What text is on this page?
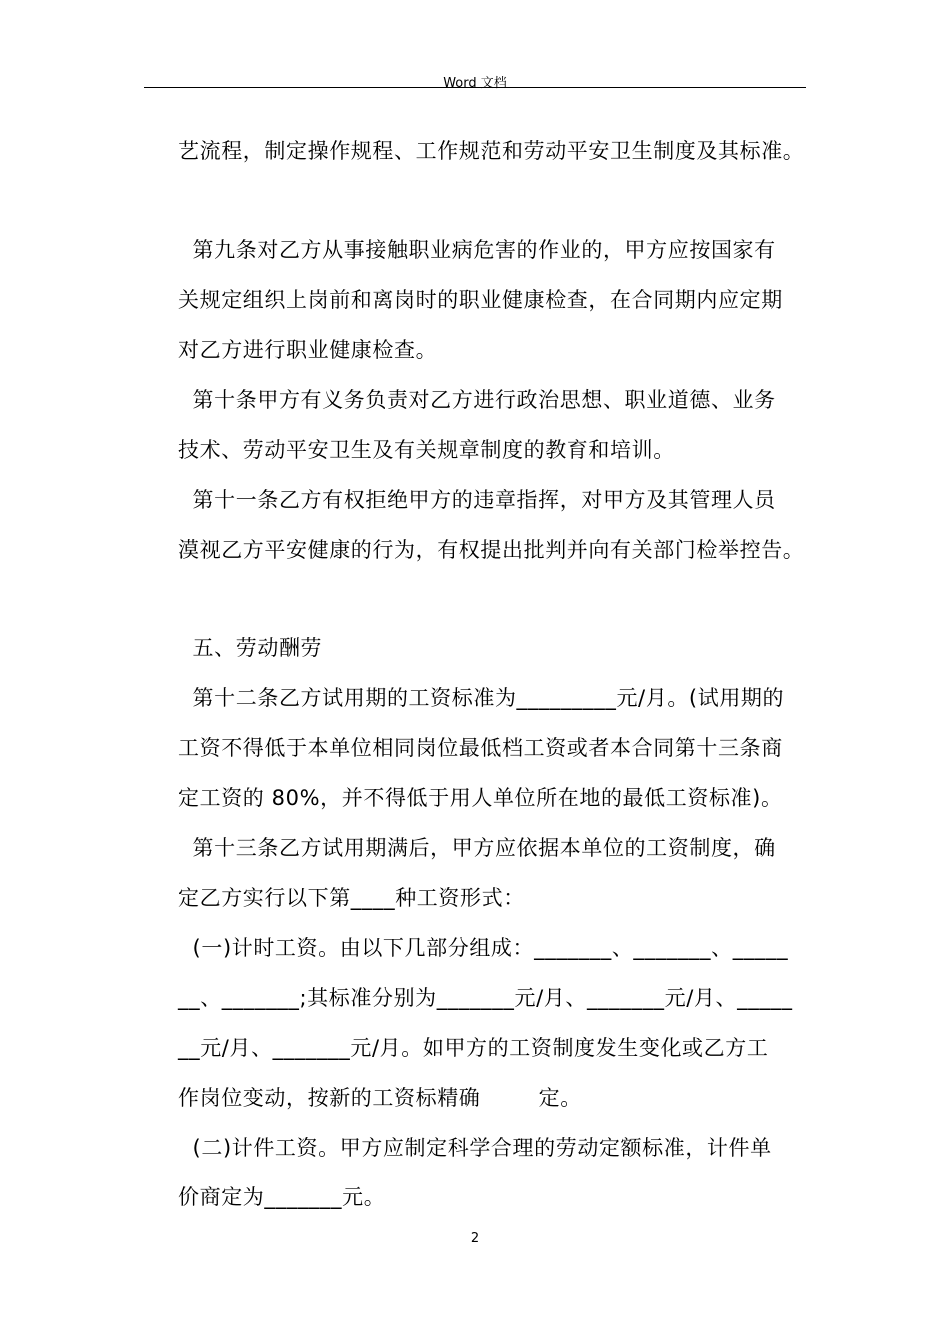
Word 文档
艺流程，制定操作规程、工作规范和劳动平安卫生制度及其标准。
第九条对乙方从事接触职业病危害的作业的，甲方应按国家有
关规定组织上岗前和离岗时的职业健康检查，在合同期内应定期
对乙方进行职业健康检查。
第十条甲方有义务负责对乙方进行政治思想、职业道德、业务
技术、劳动平安卫生及有关规章制度的教育和培训。
第十一条乙方有权拒绝甲方的违章指挥，对甲方及其管理人员
漠视乙方平安健康的行为，有权提出批判并向有关部门检举控告。
五、劳动酬劳
第十二条乙方试用期的工资标准为_________元/月。(试用期的
工资不得低于本单位相同岗位最低档工资或者本合同第十三条商
定工资的 80%，并不得低于用人单位所在地的最低工资标准)。
第十三条乙方试用期满后，甲方应依据本单位的工资制度，确
定乙方实行以下第____种工资形式：
(一)计时工资。由以下几部分组成：_______、_______、_____
__、_______;其标准分别为_______元/月、_______元/月、_____
__元/月、_______元/月。如甲方的工资制度发生变化或乙方工
作岗位变动，按新的工资标精确        定。
(二)计件工资。甲方应制定科学合理的劳动定额标准，计件单
价商定为_______元。
2
